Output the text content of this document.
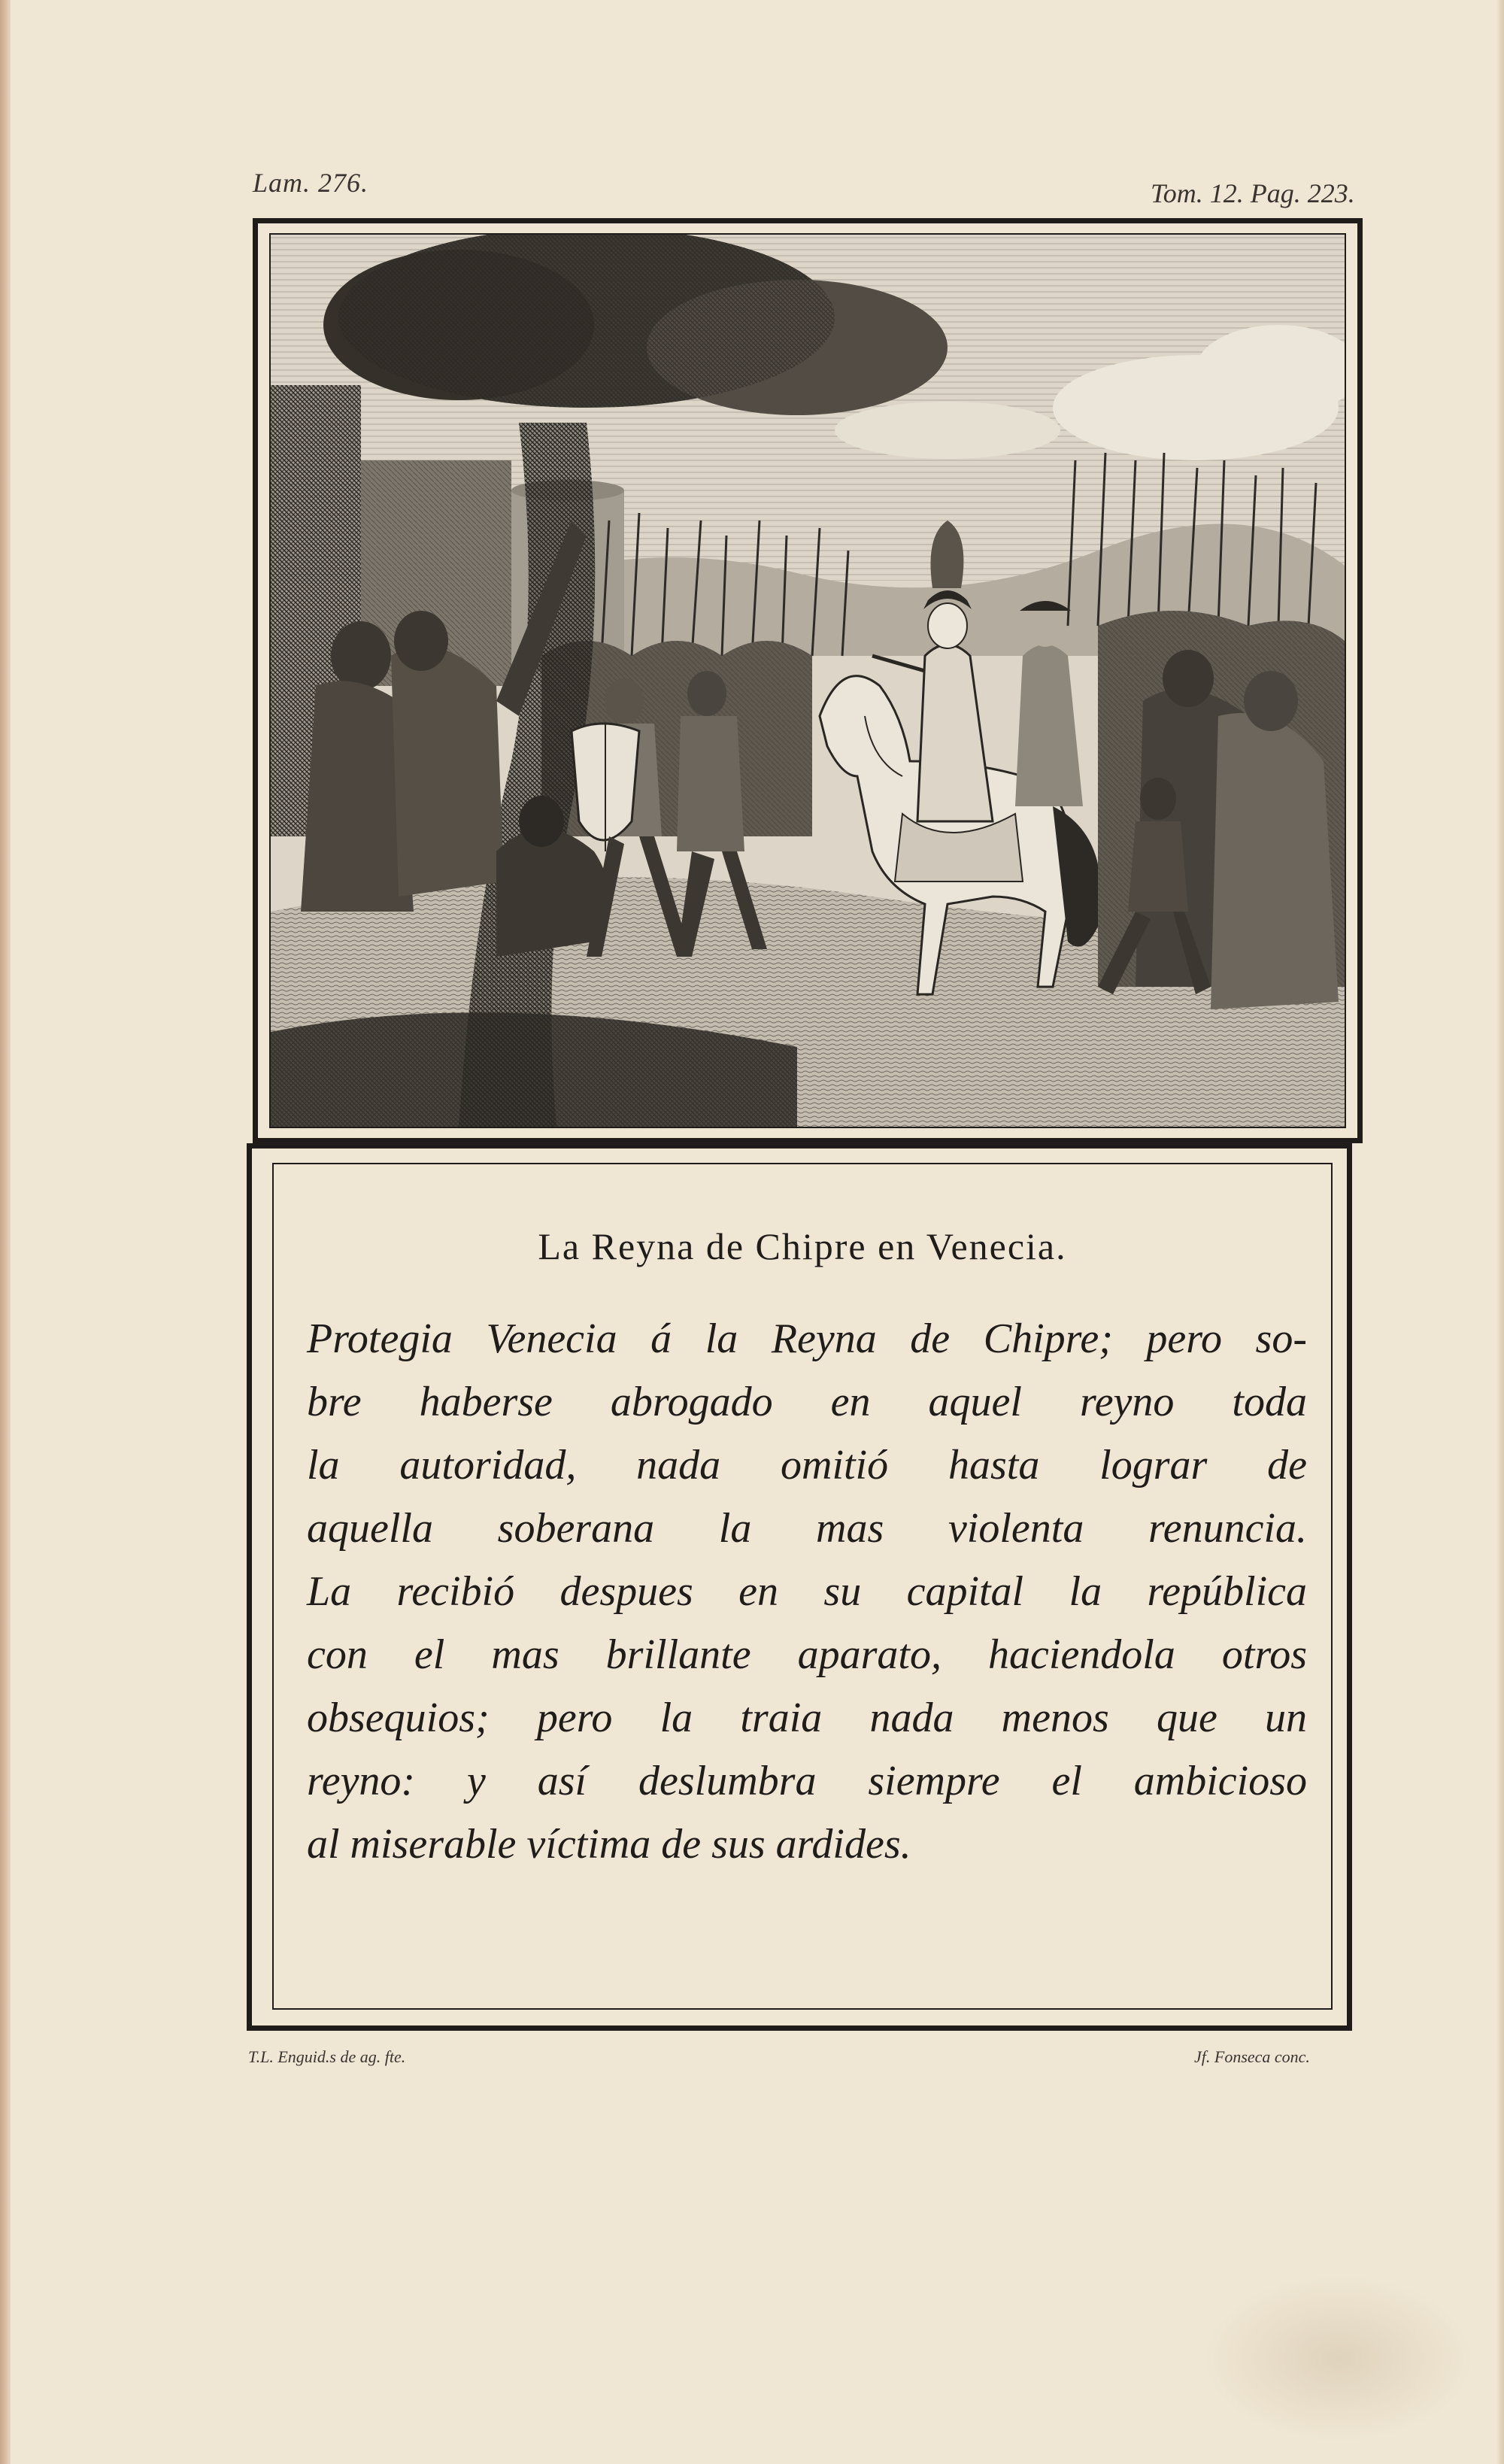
Lam. 276.	Tom. 12. Pag. 223.
La Reyna de Chipre en Venecia.
Protegia Venecia á la Reyna de Chipre; pero so-
bre haberse abrogado en aquel reyno toda
la autoridad, nada omitió hasta lograr de
aquella soberana la mas violenta renuncia.
La recibió despues en su capital la república
con el mas brillante aparato, haciendola otros
obsequios; pero la traia nada menos que un
reyno: y así deslumbra siempre el ambicioso
al miserable víctima de sus ardides.
T.L. Enguid.s de ag. fte.	Jf. Fonseca conc.
